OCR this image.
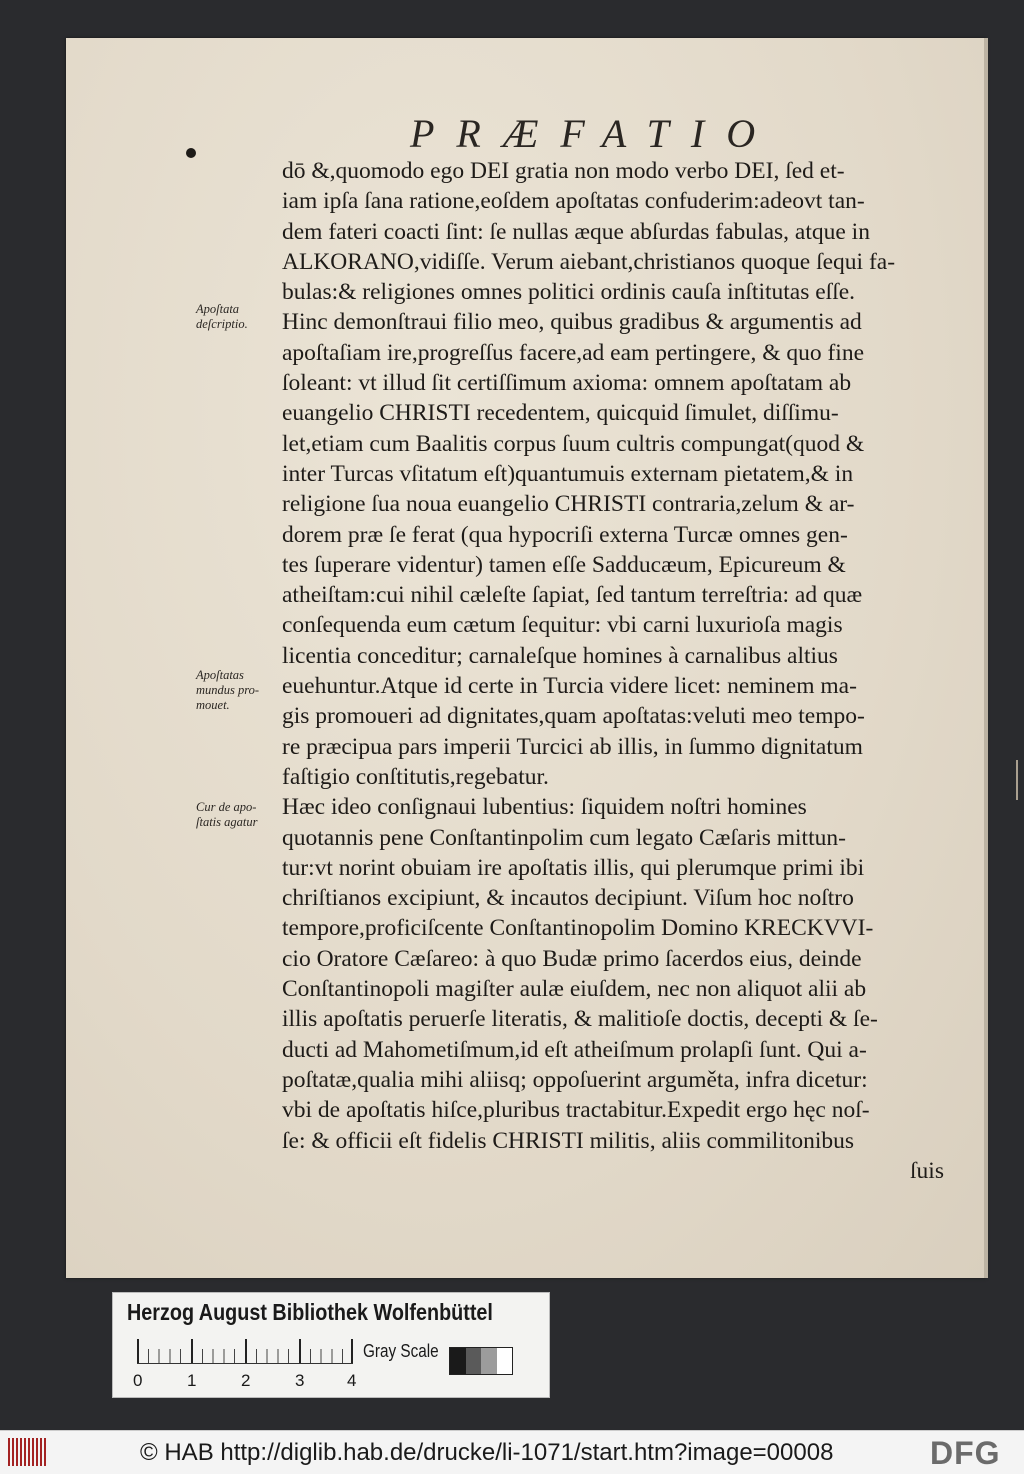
PRÆFATIO
dō &,quomodo ego DEI gratia non modo verbo DEI, ſed et-
iam ipſa ſana ratione,eoſdem apoſtatas confuderim:adeovt tan-
dem fateri coacti ſint: ſe nullas æque abſurdas fabulas, atque in
ALKORANO,vidiſſe. Verum aiebant,christianos quoque ſequi fa-
bulas:& religiones omnes politici ordinis cauſa inſtitutas eſſe.
Hinc demonſtraui filio meo, quibus gradibus & argumentis ad
apoſtaſiam ire,progreſſus facere,ad eam pertingere, & quo fine
ſoleant: vt illud ſit certiſſimum axioma: omnem apoſtatam ab
euangelio CHRISTI recedentem, quicquid ſimulet, diſſimu-
let,etiam cum Baalitis corpus ſuum cultris compungat(quod &
inter Turcas vſitatum eſt)quantumuis externam pietatem,& in
religione ſua noua euangelio CHRISTI contraria,zelum & ar-
dorem præ ſe ferat (qua hypocriſi externa Turcæ omnes gen-
tes ſuperare videntur) tamen eſſe Sadducæum, Epicureum &
atheiſtam:cui nihil cæleſte ſapiat, ſed tantum terreſtria: ad quæ
conſequenda eum cætum ſequitur: vbi carni luxurioſa magis
licentia conceditur; carnaleſque homines à carnalibus altius
euehuntur.Atque id certe in Turcia videre licet: neminem ma-
gis promoueri ad dignitates,quam apoſtatas:veluti meo tempo-
re præcipua pars imperii Turcici ab illis, in ſummo dignitatum
faſtigio conſtitutis,regebatur.
Hæc ideo conſignaui lubentius: ſiquidem noſtri homines
quotannis pene Conſtantinpolim cum legato Cæſaris mittun-
tur:vt norint obuiam ire apoſtatis illis, qui plerumque primi ibi
chriſtianos excipiunt, & incautos decipiunt. Viſum hoc noſtro
tempore,proficiſcente Conſtantinopolim Domino KRECKVVI-
cio Oratore Cæſareo: à quo Budæ primo ſacerdos eius, deinde
Conſtantinopoli magiſter aulæ eiuſdem, nec non aliquot alii ab
illis apoſtatis peruerſe literatis, & malitioſe doctis, decepti & ſe-
ducti ad Mahometiſmum,id eſt atheiſmum prolapſi ſunt. Qui a-
poſtatæ,qualia mihi aliisq; oppoſuerint arguměta, infra dicetur:
vbi de apoſtatis hiſce,pluribus tractabitur.Expedit ergo hęc noſ-
ſe: & officii eſt fidelis CHRISTI militis, aliis commilitonibus
ſuis
Apoſtata deſcriptio.
Apoſtatas mundus pro- mouet.
Cur de apo- ſtatis agatur
Herzog August Bibliothek Wolfenbüttel
0	1	2	3	4
Gray Scale
© HAB http://diglib.hab.de/drucke/li-1071/start.htm?image=00008	DFG
